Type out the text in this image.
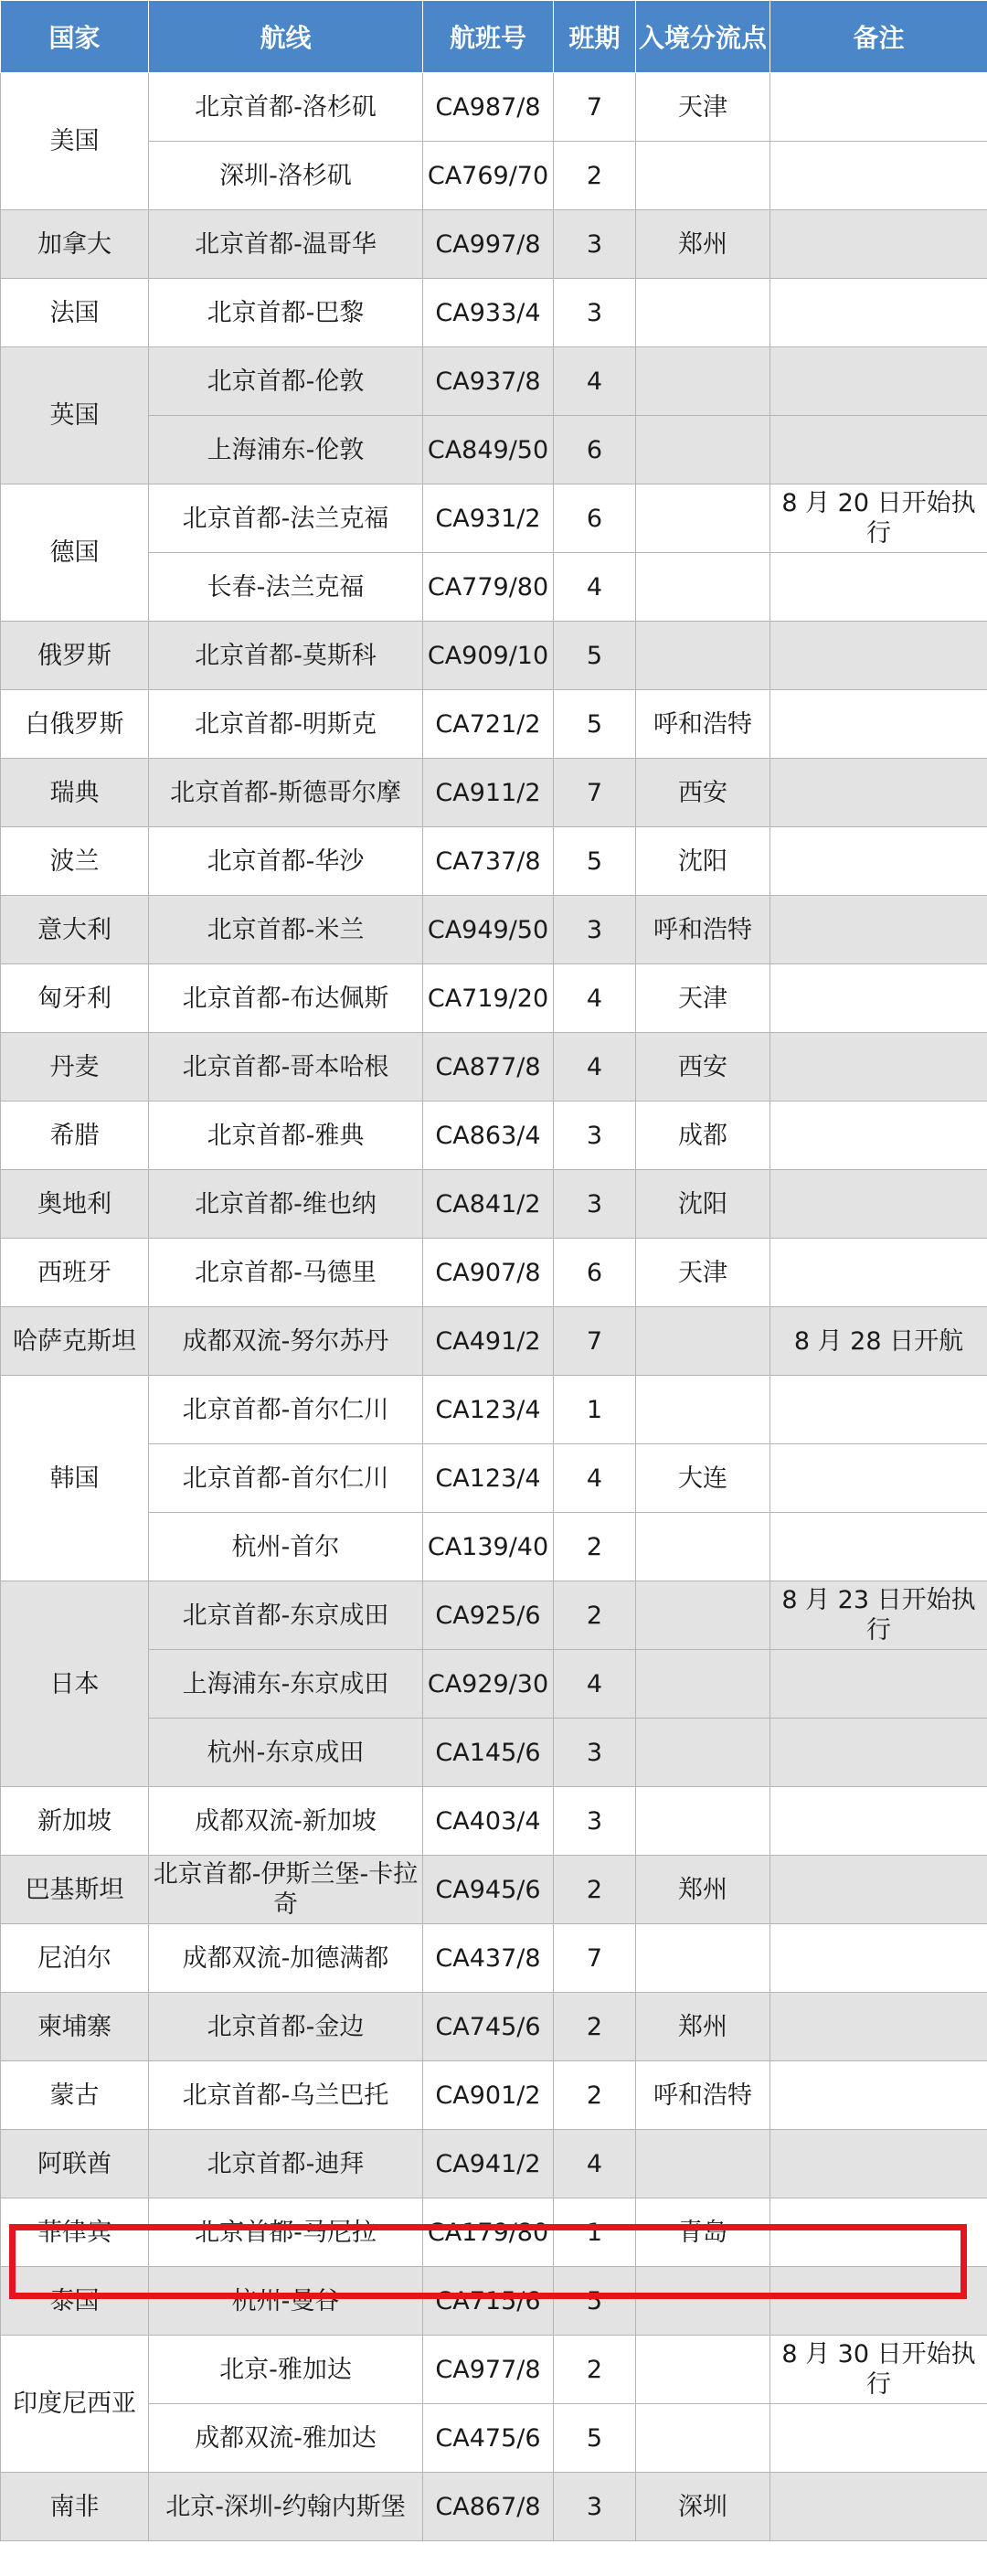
国家	航线	航班号	班期	入境分流点	备注
美国	北京首都-洛杉矶	CA987/8	7	天津	
	深圳-洛杉矶	CA769/70	2		
加拿大	北京首都-温哥华	CA997/8	3	郑州	
法国	北京首都-巴黎	CA933/4	3		
英国	北京首都-伦敦	CA937/8	4		
	上海浦东-伦敦	CA849/50	6		
德国	北京首都-法兰克福	CA931/2	6		8 月 20 日开始执行
	长春-法兰克福	CA779/80	4		
俄罗斯	北京首都-莫斯科	CA909/10	5		
白俄罗斯	北京首都-明斯克	CA721/2	5	呼和浩特	
瑞典	北京首都-斯德哥尔摩	CA911/2	7	西安	
波兰	北京首都-华沙	CA737/8	5	沈阳	
意大利	北京首都-米兰	CA949/50	3	呼和浩特	
匈牙利	北京首都-布达佩斯	CA719/20	4	天津	
丹麦	北京首都-哥本哈根	CA877/8	4	西安	
希腊	北京首都-雅典	CA863/4	3	成都	
奥地利	北京首都-维也纳	CA841/2	3	沈阳	
西班牙	北京首都-马德里	CA907/8	6	天津	
哈萨克斯坦	成都双流-努尔苏丹	CA491/2	7		8 月 28 日开航
韩国	北京首都-首尔仁川	CA123/4	1		
	北京首都-首尔仁川	CA123/4	4	大连	
	杭州-首尔	CA139/40	2		
日本	北京首都-东京成田	CA925/6	2		8 月 23 日开始执行
	上海浦东-东京成田	CA929/30	4		
	杭州-东京成田	CA145/6	3		
新加坡	成都双流-新加坡	CA403/4	3		
巴基斯坦	北京首都-伊斯兰堡-卡拉奇	CA945/6	2	郑州	
尼泊尔	成都双流-加德满都	CA437/8	7		
柬埔寨	北京首都-金边	CA745/6	2	郑州	
蒙古	北京首都-乌兰巴托	CA901/2	2	呼和浩特	
阿联酋	北京首都-迪拜	CA941/2	4		
菲律宾	北京首都-马尼拉	CA179/80	1	青岛	
泰国	杭州-曼谷	CA715/6	5		
印度尼西亚	北京-雅加达	CA977/8	2		8 月 30 日开始执行
	成都双流-雅加达	CA475/6	5		
南非	北京-深圳-约翰内斯堡	CA867/8	3	深圳	
